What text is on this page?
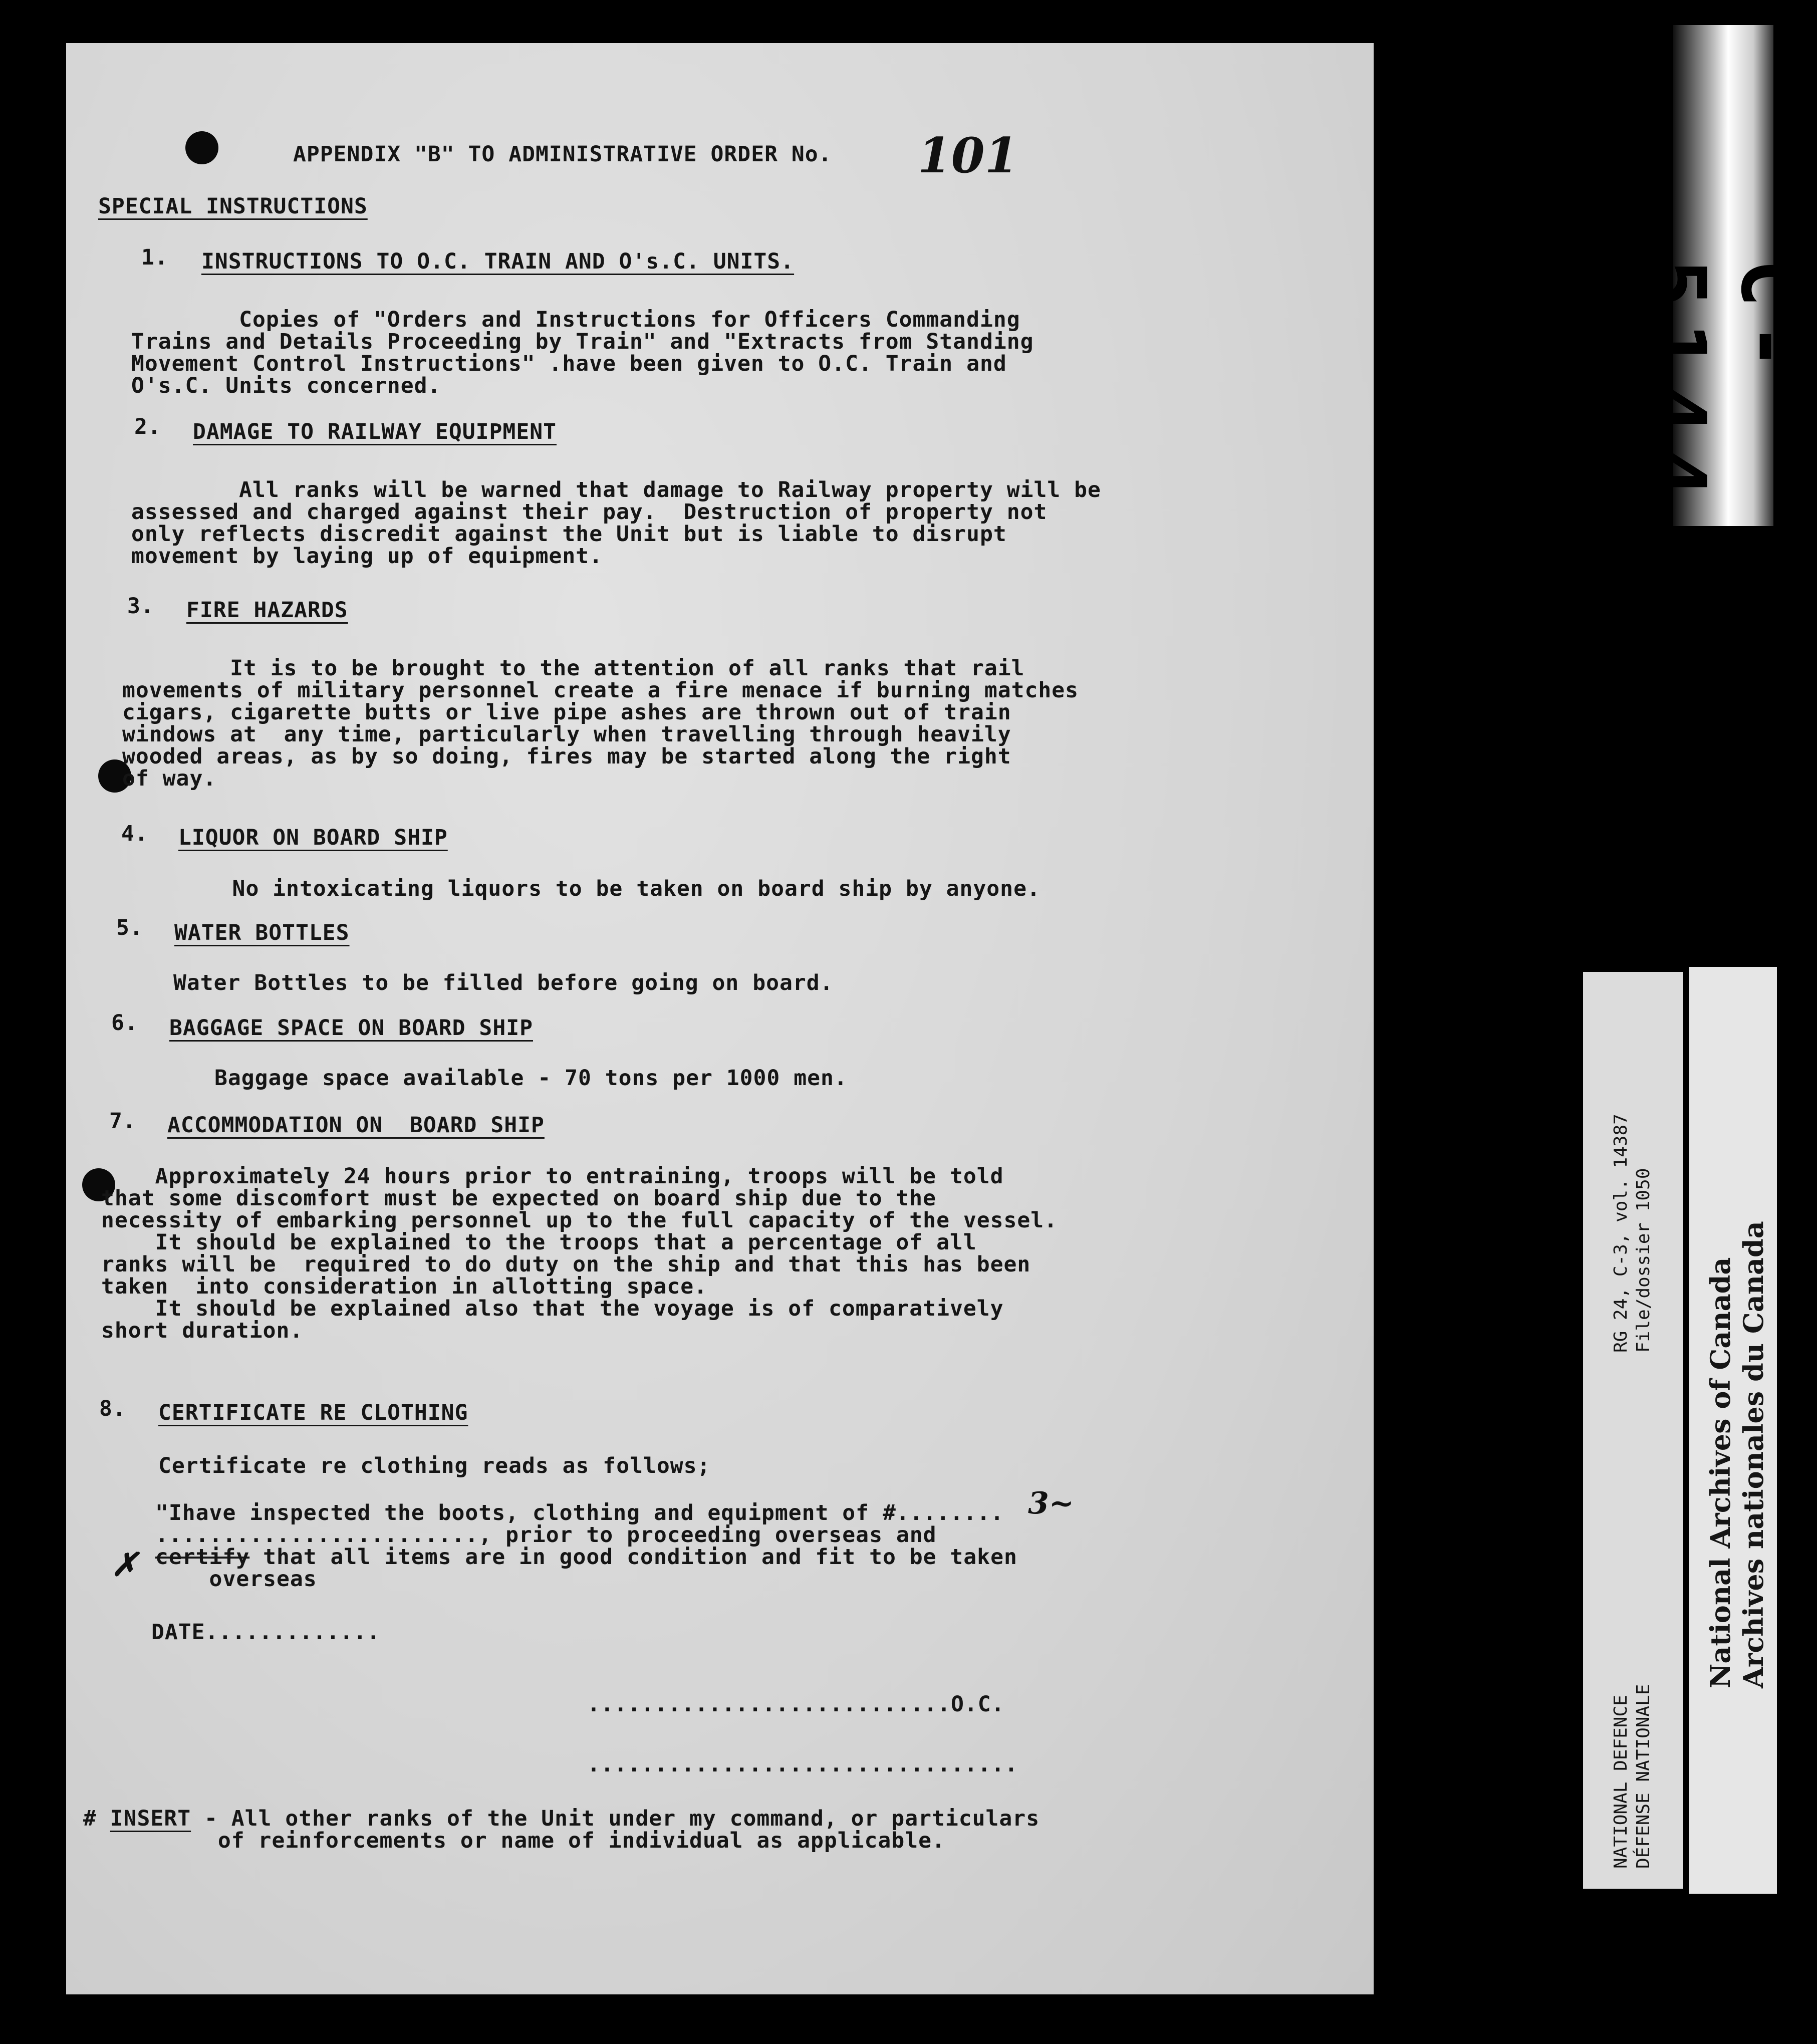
APPENDIX "B" TO ADMINISTRATIVE ORDER No. 101
SPECIAL INSTRUCTIONS
1. INSTRUCTIONS TO O.C. TRAIN AND O's.C. UNITS.
Copies of "Orders and Instructions for Officers Commanding
Trains and Details Proceeding by Train" and "Extracts from Standing
Movement Control Instructions" .have been given to O.C. Train and
O's.C. Units concerned.
2. DAMAGE TO RAILWAY EQUIPMENT
All ranks will be warned that damage to Railway property will be
assessed and charged against their pay.  Destruction of property not
only reflects discredit against the Unit but is liable to disrupt
movement by laying up of equipment.
3. FIRE HAZARDS
It is to be brought to the attention of all ranks that rail
movements of military personnel create a fire menace if burning matches
cigars, cigarette butts or live pipe ashes are thrown out of train
windows at  any time, particularly when travelling through heavily
wooded areas, as by so doing, fires may be started along the right
of way.
4. LIQUOR ON BOARD SHIP
No intoxicating liquors to be taken on board ship by anyone.
5. WATER BOTTLES
Water Bottles to be filled before going on board.
6. BAGGAGE SPACE ON BOARD SHIP
Baggage space available - 70 tons per 1000 men.
7. ACCOMMODATION ON  BOARD SHIP
Approximately 24 hours prior to entraining, troops will be told
that some discomfort must be expected on board ship due to the
necessity of embarking personnel up to the full capacity of the vessel.
It should be explained to the troops that a percentage of all
ranks will be  required to do duty on the ship and that this has been
taken  into consideration in allotting space.
It should be explained also that the voyage is of comparatively
short duration.
8. CERTIFICATE RE CLOTHING
Certificate re clothing reads as follows;
"Ihave inspected the boots, clothing and equipment of #........
........................, prior to proceeding overseas and
certify that all items are in good condition and fit to be taken
overseas
3~
✗
DATE.............
...........................O.C.
................................
# INSERT - All other ranks of the Unit under my command, or particulars
of reinforcements or name of individual as applicable.
C-5144
RG 24, C-3, vol. 14387 File/dossier 1050
NATIONAL DEFENCE DÉFENSE NATIONALE
National Archives of Canada Archives nationales du Canada
